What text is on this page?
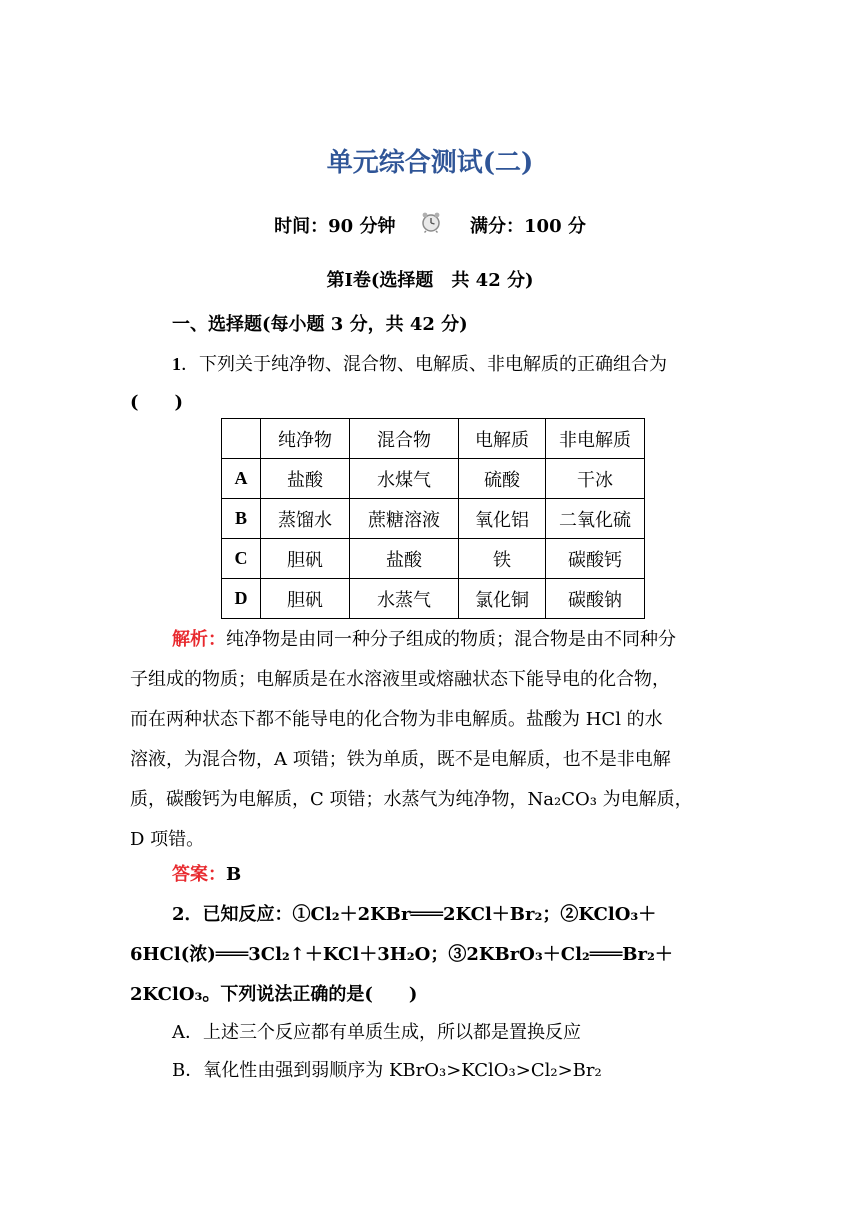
单元综合测试(二)
时间：90 分钟	满分：100 分
第Ⅰ卷(选择题　共 42 分)
一、选择题(每小题 3 分，共 42 分)
1．下列关于纯净物、混合物、电解质、非电解质的正确组合为
(　　)
	纯净物	混合物	电解质	非电解质
A	盐酸	水煤气	硫酸	干冰
B	蒸馏水	蔗糖溶液	氧化铝	二氧化硫
C	胆矾	盐酸	铁	碳酸钙
D	胆矾	水蒸气	氯化铜	碳酸钠
解析：纯净物是由同一种分子组成的物质；混合物是由不同种分
子组成的物质；电解质是在水溶液里或熔融状态下能导电的化合物，
而在两种状态下都不能导电的化合物为非电解质。盐酸为 HCl 的水
溶液，为混合物，A 项错；铁为单质，既不是电解质，也不是非电解
质，碳酸钙为电解质，C 项错；水蒸气为纯净物，Na₂CO₃ 为电解质，
D 项错。
答案：B
2．已知反应：①Cl₂＋2KBr═══2KCl＋Br₂；②KClO₃＋
6HCl(浓)═══3Cl₂↑＋KCl＋3H₂O；③2KBrO₃＋Cl₂═══Br₂＋
2KClO₃。下列说法正确的是(　　)
A．上述三个反应都有单质生成，所以都是置换反应
B．氧化性由强到弱顺序为 KBrO₃>KClO₃>Cl₂>Br₂
